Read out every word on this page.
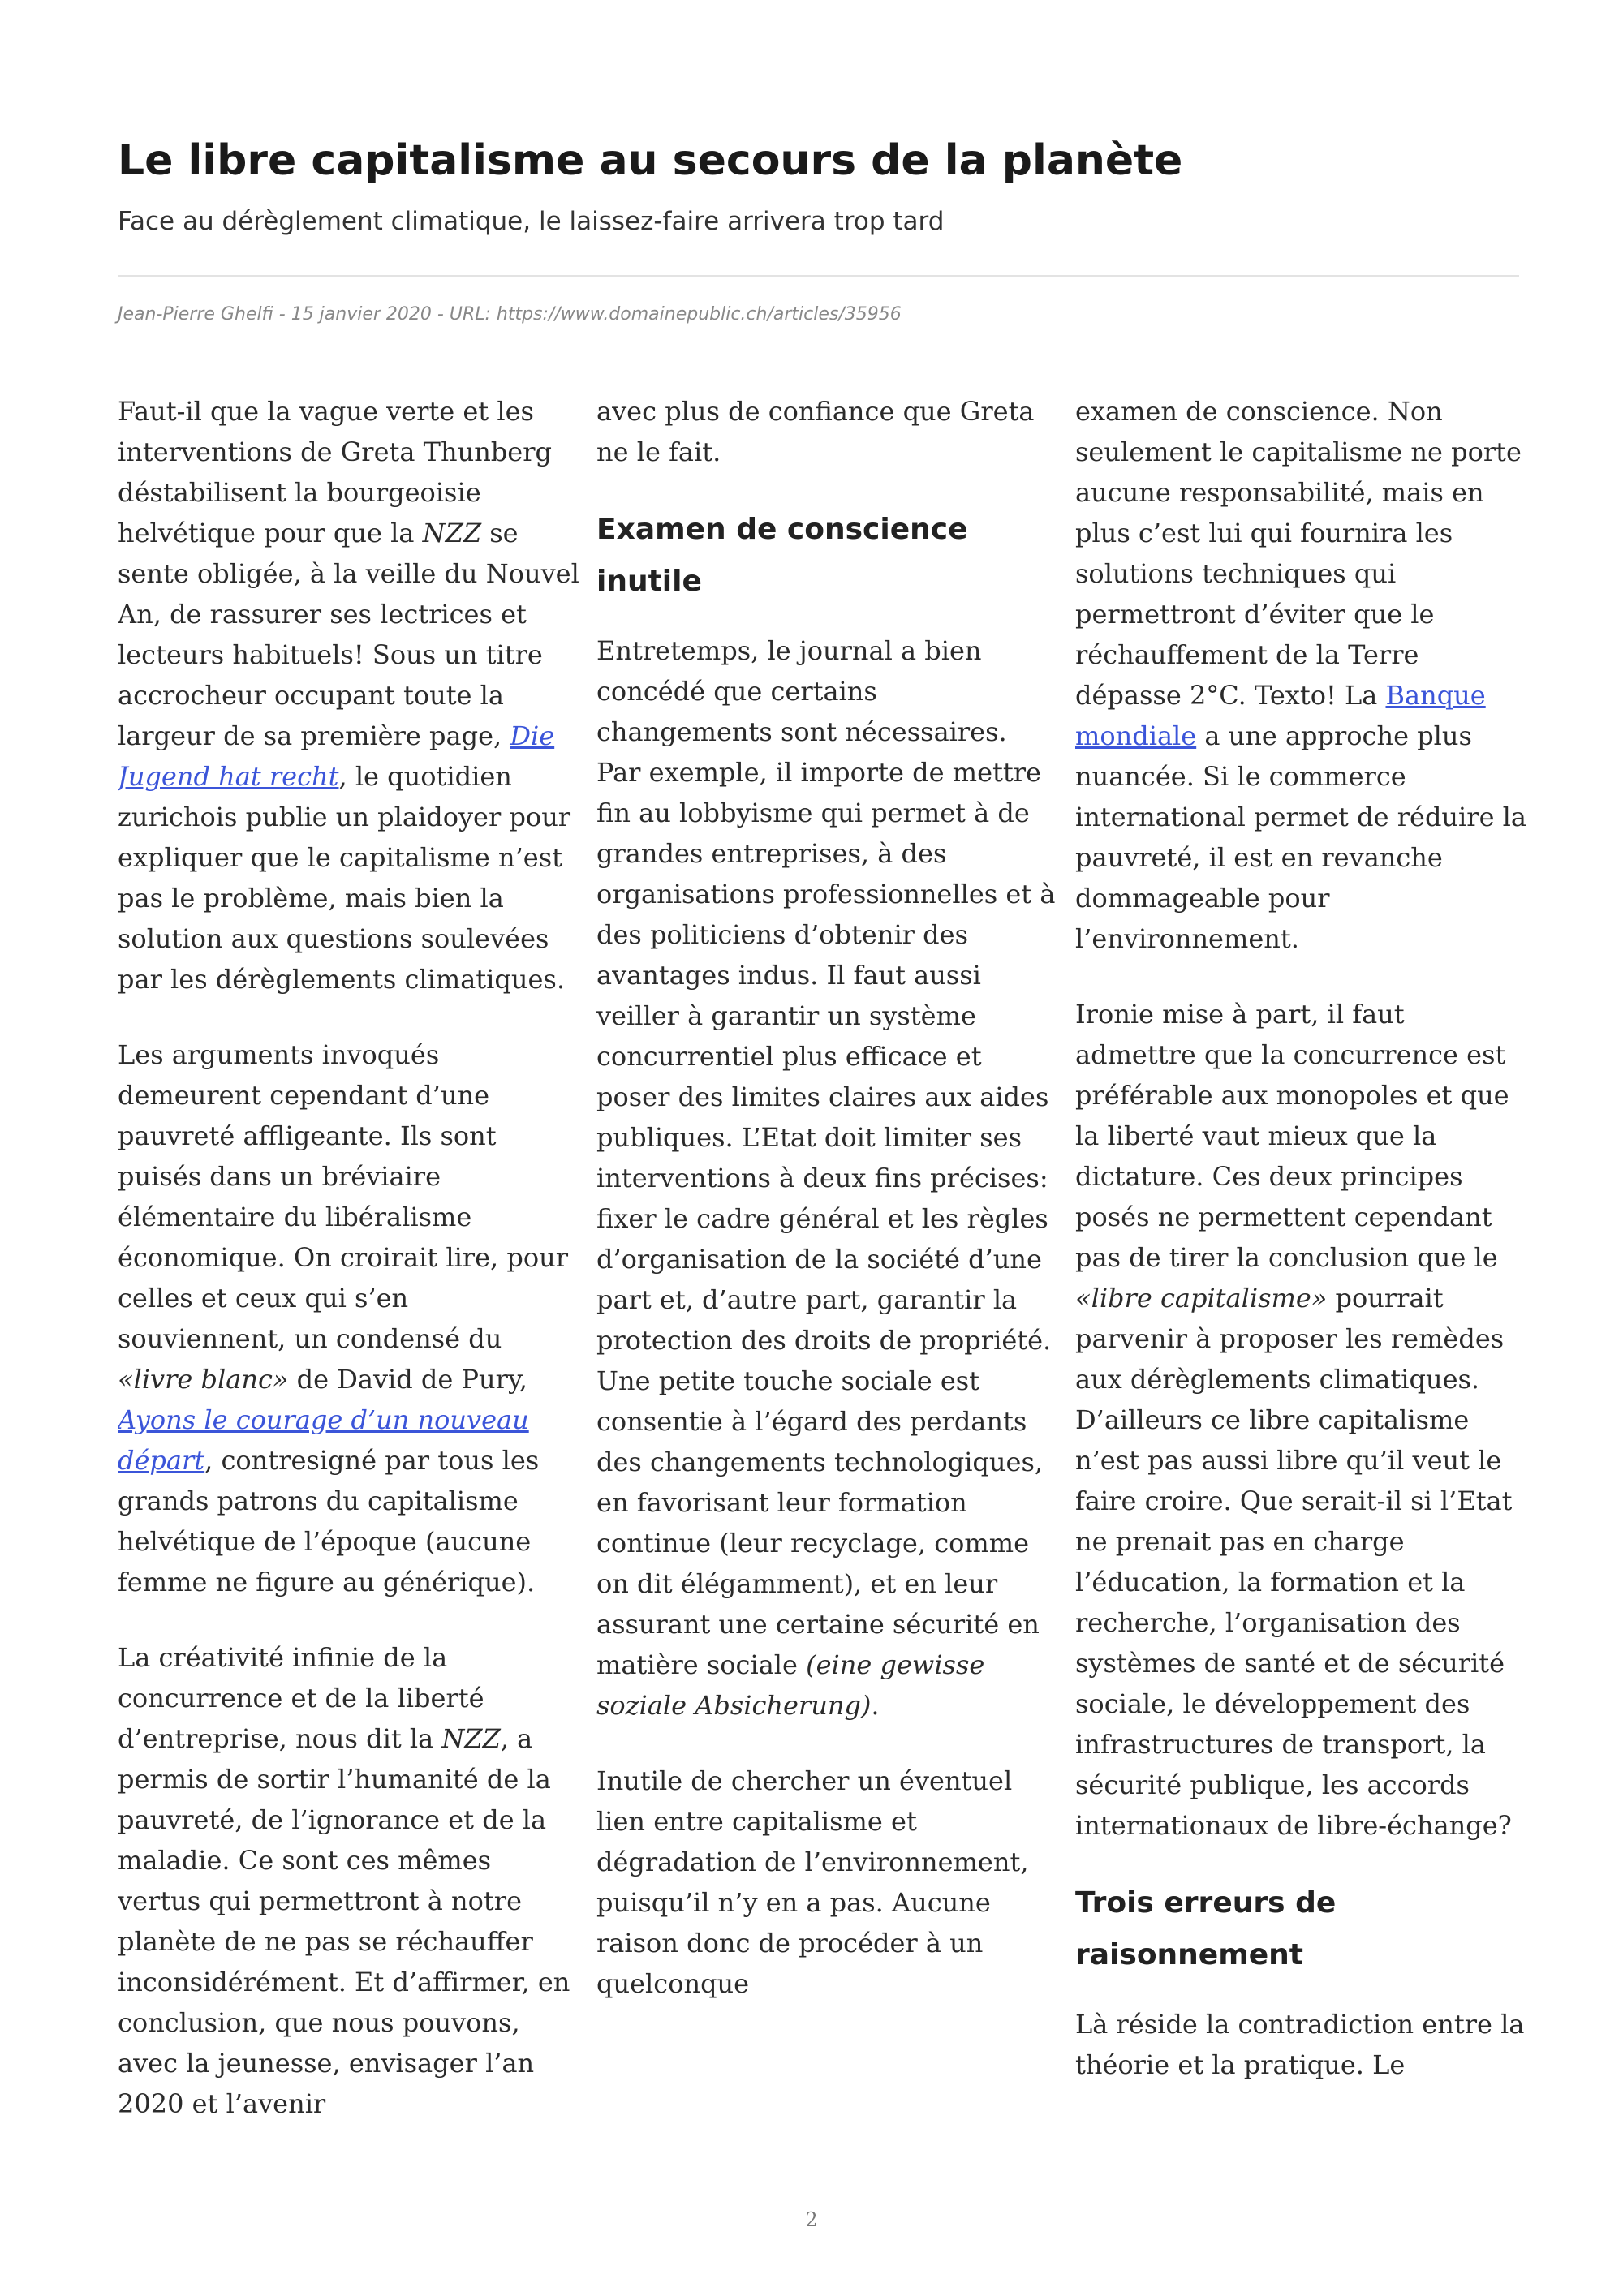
Le libre capitalisme au secours de la planète
Face au dérèglement climatique, le laissez-faire arrivera trop tard
Jean-Pierre Ghelfi - 15 janvier 2020 - URL: https://www.domainepublic.ch/articles/35956

Faut-il que la vague verte et les interventions de Greta Thunberg déstabilisent la bourgeoisie helvétique pour que la NZZ se sente obligée, à la veille du Nouvel An, de rassurer ses lectrices et lecteurs habituels! Sous un titre accrocheur occupant toute la largeur de sa première page, Die Jugend hat recht, le quotidien zurichois publie un plaidoyer pour expliquer que le capitalisme n’est pas le problème, mais bien la solution aux questions soulevées par les dérèglements climatiques.

Les arguments invoqués demeurent cependant d’une pauvreté affligeante. Ils sont puisés dans un bréviaire élémentaire du libéralisme économique. On croirait lire, pour celles et ceux qui s’en souviennent, un condensé du «livre blanc» de David de Pury, Ayons le courage d’un nouveau départ, contresigné par tous les grands patrons du capitalisme helvétique de l’époque (aucune femme ne figure au générique).

La créativité infinie de la concurrence et de la liberté d’entreprise, nous dit la NZZ, a permis de sortir l’humanité de la pauvreté, de l’ignorance et de la maladie. Ce sont ces mêmes vertus qui permettront à notre planète de ne pas se réchauffer inconsidérément. Et d’affirmer, en conclusion, que nous pouvons, avec la jeunesse, envisager l’an 2020 et l’avenir

avec plus de confiance que Greta ne le fait.

Examen de conscience inutile

Entretemps, le journal a bien concédé que certains changements sont nécessaires. Par exemple, il importe de mettre fin au lobbyisme qui permet à de grandes entreprises, à des organisations professionnelles et à des politiciens d’obtenir des avantages indus. Il faut aussi veiller à garantir un système concurrentiel plus efficace et poser des limites claires aux aides publiques. L’Etat doit limiter ses interventions à deux fins précises: fixer le cadre général et les règles d’organisation de la société d’une part et, d’autre part, garantir la protection des droits de propriété. Une petite touche sociale est consentie à l’égard des perdants des changements technologiques, en favorisant leur formation continue (leur recyclage, comme on dit élégamment), et en leur assurant une certaine sécurité en matière sociale (eine gewisse soziale Absicherung).

Inutile de chercher un éventuel lien entre capitalisme et dégradation de l’environnement, puisqu’il n’y en a pas. Aucune raison donc de procéder à un quelconque

examen de conscience. Non seulement le capitalisme ne porte aucune responsabilité, mais en plus c’est lui qui fournira les solutions techniques qui permettront d’éviter que le réchauffement de la Terre dépasse 2°C. Texto! La Banque mondiale a une approche plus nuancée. Si le commerce international permet de réduire la pauvreté, il est en revanche dommageable pour l’environnement.

Ironie mise à part, il faut admettre que la concurrence est préférable aux monopoles et que la liberté vaut mieux que la dictature. Ces deux principes posés ne permettent cependant pas de tirer la conclusion que le «libre capitalisme» pourrait parvenir à proposer les remèdes aux dérèglements climatiques. D’ailleurs ce libre capitalisme n’est pas aussi libre qu’il veut le faire croire. Que serait-il si l’Etat ne prenait pas en charge l’éducation, la formation et la recherche, l’organisation des systèmes de santé et de sécurité sociale, le développement des infrastructures de transport, la sécurité publique, les accords internationaux de libre-échange?

Trois erreurs de raisonnement

Là réside la contradiction entre la théorie et la pratique. Le

2
